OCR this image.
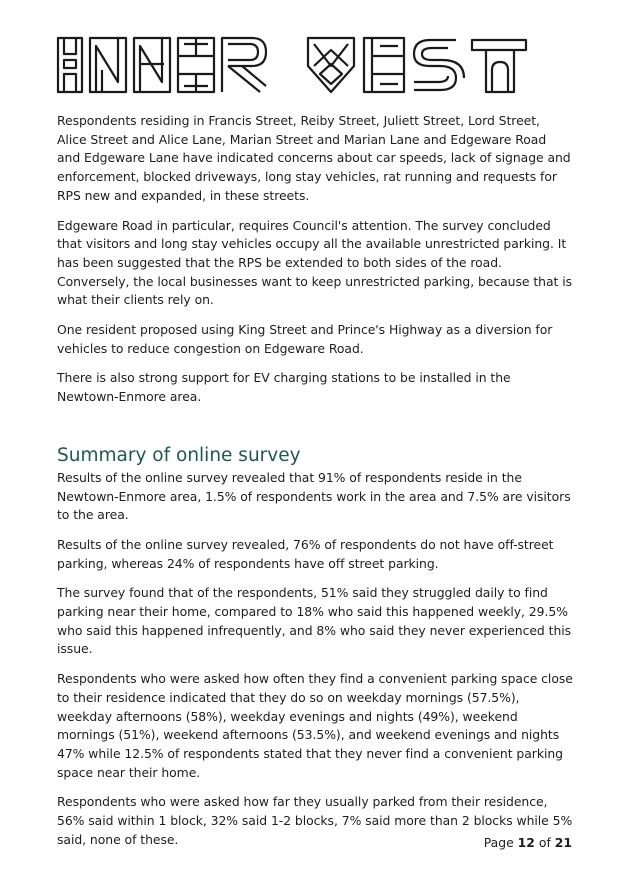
Respondents residing in Francis Street, Reiby Street, Juliett Street, Lord Street, Alice Street and Alice Lane, Marian Street and Marian Lane and Edgeware Road and Edgeware Lane have indicated concerns about car speeds, lack of signage and enforcement, blocked driveways, long stay vehicles, rat running and requests for RPS new and expanded, in these streets.

Edgeware Road in particular, requires Council's attention. The survey concluded that visitors and long stay vehicles occupy all the available unrestricted parking. It has been suggested that the RPS be extended to both sides of the road. Conversely, the local businesses want to keep unrestricted parking, because that is what their clients rely on.

One resident proposed using King Street and Prince's Highway as a diversion for vehicles to reduce congestion on Edgeware Road.

There is also strong support for EV charging stations to be installed in the Newtown-Enmore area.

Summary of online survey

Results of the online survey revealed that 91% of respondents reside in the Newtown-Enmore area, 1.5% of respondents work in the area and 7.5% are visitors to the area.

Results of the online survey revealed, 76% of respondents do not have off-street parking, whereas 24% of respondents have off street parking.

The survey found that of the respondents, 51% said they struggled daily to find parking near their home, compared to 18% who said this happened weekly, 29.5% who said this happened infrequently, and 8% who said they never experienced this issue.

Respondents who were asked how often they find a convenient parking space close to their residence indicated that they do so on weekday mornings (57.5%), weekday afternoons (58%), weekday evenings and nights (49%), weekend mornings (51%), weekend afternoons (53.5%), and weekend evenings and nights 47% while 12.5% of respondents stated that they never find a convenient parking space near their home.

Respondents who were asked how far they usually parked from their residence, 56% said within 1 block, 32% said 1-2 blocks, 7% said more than 2 blocks while 5% said, none of these.	Page 12 of 21
